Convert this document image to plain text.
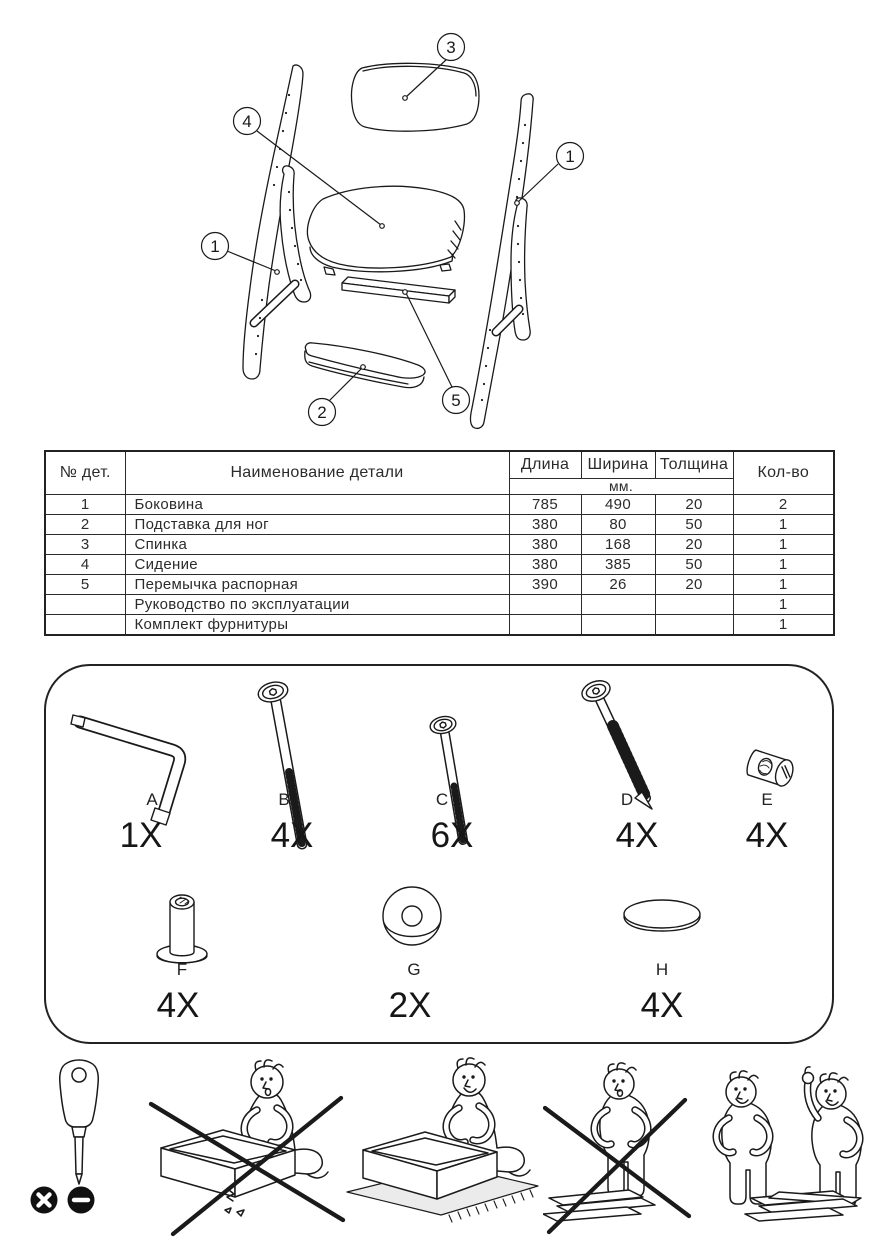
3
4
1
1
2
5
№ дет.	Наименование детали	Длина	Ширина	Толщина	Кол-во
		мм.			
1	Боковина	785	490	20	2
2	Подставка для ног	380	80	50	1
3	Спинка	380	168	20	1
4	Сидение	380	385	50	1
5	Перемычка распорная	390	26	20	1
	Руководство по эксплуатации				1
	Комплект фурнитуры				1
A	B	C	D	E
1X	4X	6X	4X 4X
F	G	H
4X	2X	4X
